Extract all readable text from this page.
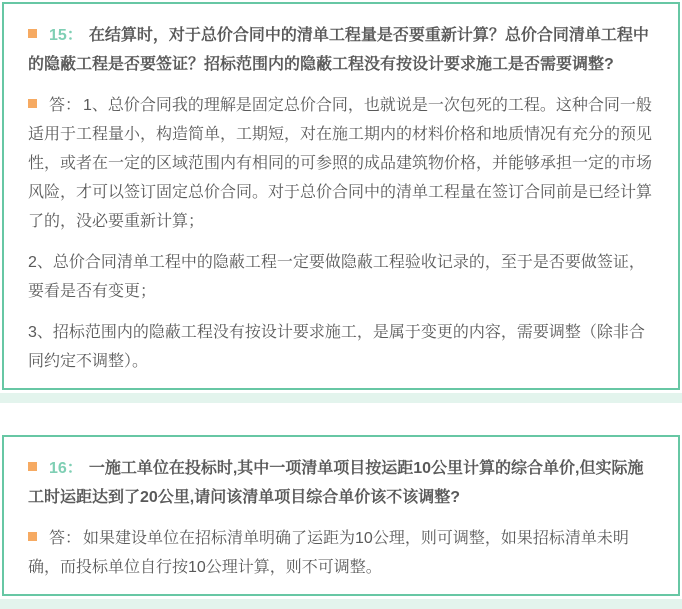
15： 在结算时，对于总价合同中的清单工程量是否要重新计算？总价合同清单工程中的隐蔽工程是否要签证？招标范围内的隐蔽工程没有按设计要求施工是否需要调整?

答： 1、总价合同我的理解是固定总价合同，也就说是一次包死的工程。这种合同一般适用于工程量小，构造简单，工期短，对在施工期内的材料价格和地质情况有充分的预见性，或者在一定的区域范围内有相同的可参照的成品建筑物价格，并能够承担一定的市场风险，才可以签订固定总价合同。对于总价合同中的清单工程量在签订合同前是已经计算了的，没必要重新计算；

2、总价合同清单工程中的隐蔽工程一定要做隐蔽工程验收记录的，至于是否要做签证，要看是否有变更；

3、招标范围内的隐蔽工程没有按设计要求施工，是属于变更的内容，需要调整（除非合同约定不调整）。

16： 一施工单位在投标时,其中一项清单项目按运距10公里计算的综合单价,但实际施工时运距达到了20公里,请问该清单项目综合单价该不该调整?

答： 如果建设单位在招标清单明确了运距为10公理，则可调整，如果招标清单未明确，而投标单位自行按10公理计算，则不可调整。
